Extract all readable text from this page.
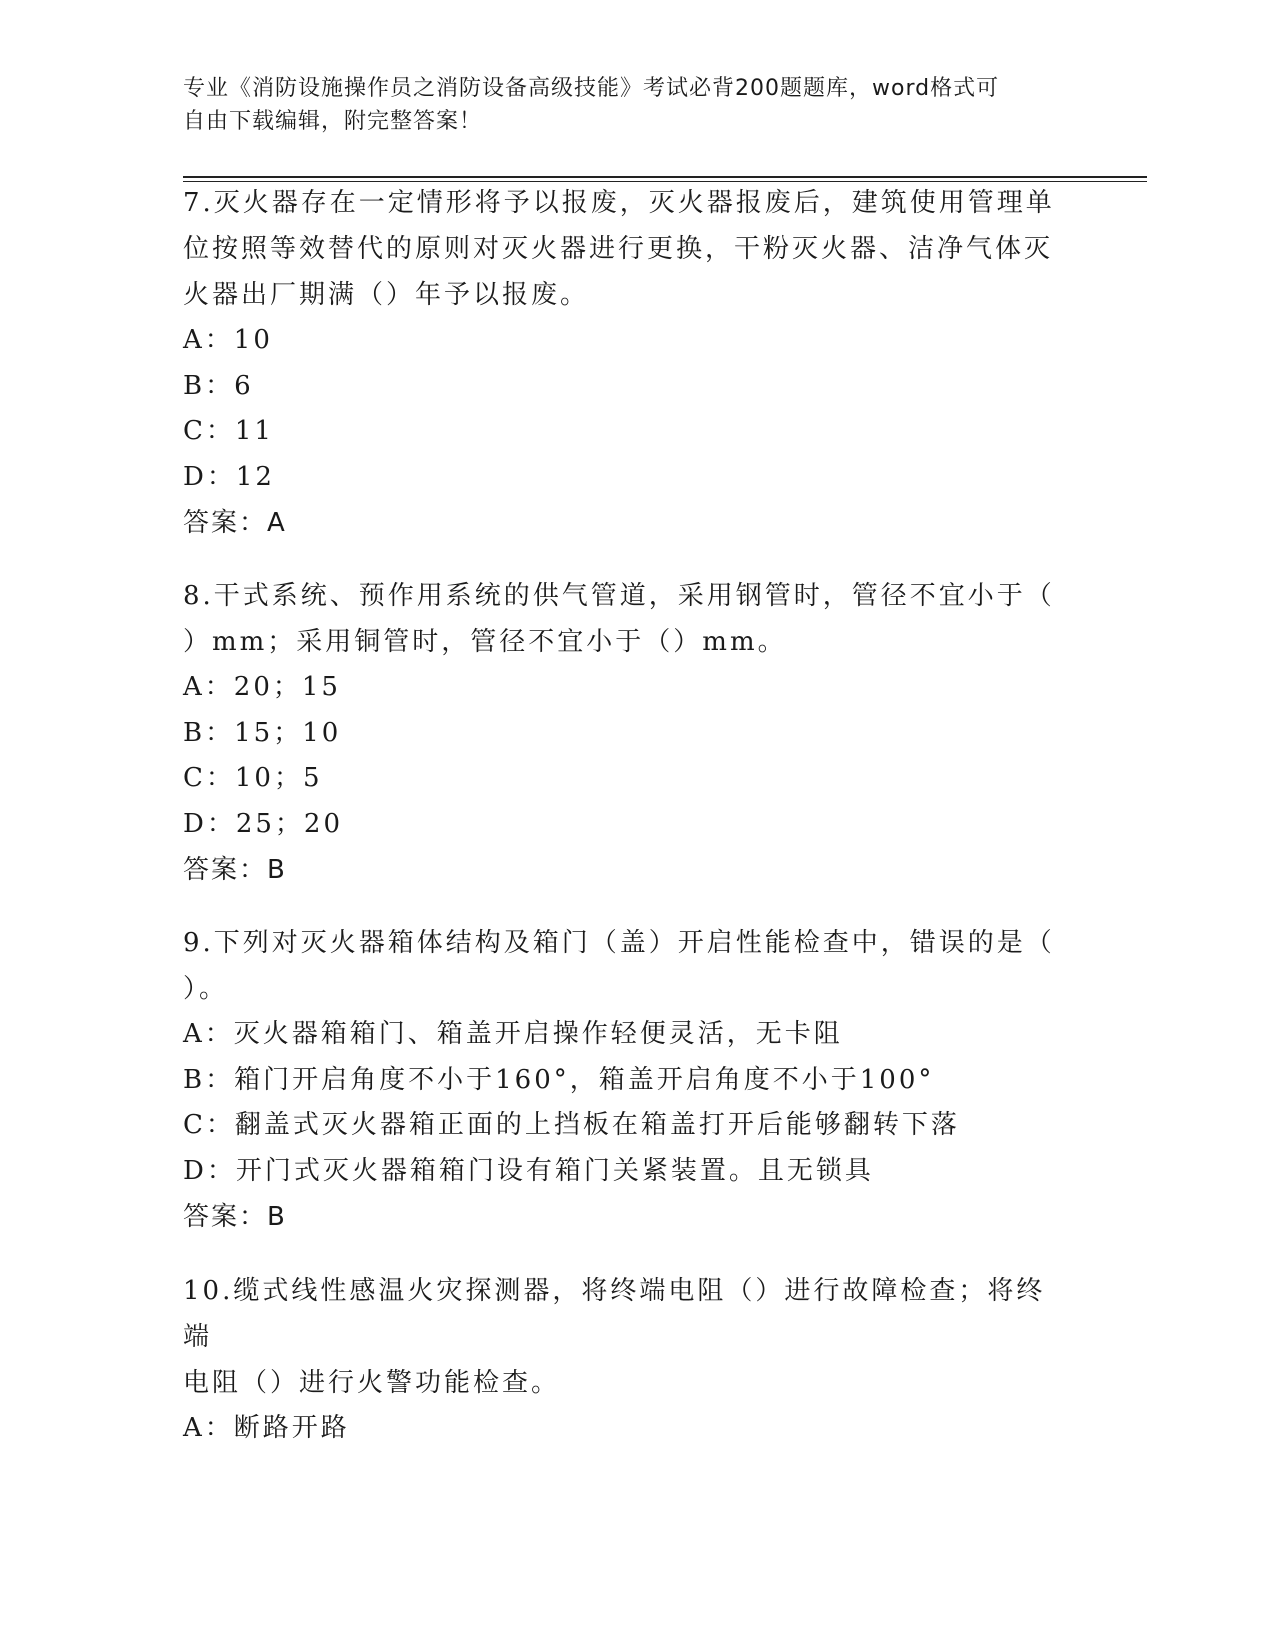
专业《消防设施操作员之消防设备高级技能》考试必背200题题库，word格式可
自由下载编辑，附完整答案！

7.灭火器存在一定情形将予以报废，灭火器报废后，建筑使用管理单

位按照等效替代的原则对灭火器进行更换，干粉灭火器、洁净气体灭

火器出厂期满（）年予以报废。

A：10

B：6

C：11

D：12

答案：A

8.干式系统、预作用系统的供气管道，采用钢管时，管径不宜小于（

）mm；采用铜管时，管径不宜小于（）mm。

A：20；15

B：15；10

C：10；5

D：25；20

答案：B

9.下列对灭火器箱体结构及箱门（盖）开启性能检查中，错误的是（

）。

A：灭火器箱箱门、箱盖开启操作轻便灵活，无卡阻

B：箱门开启角度不小于160°，箱盖开启角度不小于100°

C：翻盖式灭火器箱正面的上挡板在箱盖打开后能够翻转下落

D：开门式灭火器箱箱门设有箱门关紧装置。且无锁具

答案：B

10.缆式线性感温火灾探测器，将终端电阻（）进行故障检查；将终端

电阻（）进行火警功能检查。

A：断路开路
